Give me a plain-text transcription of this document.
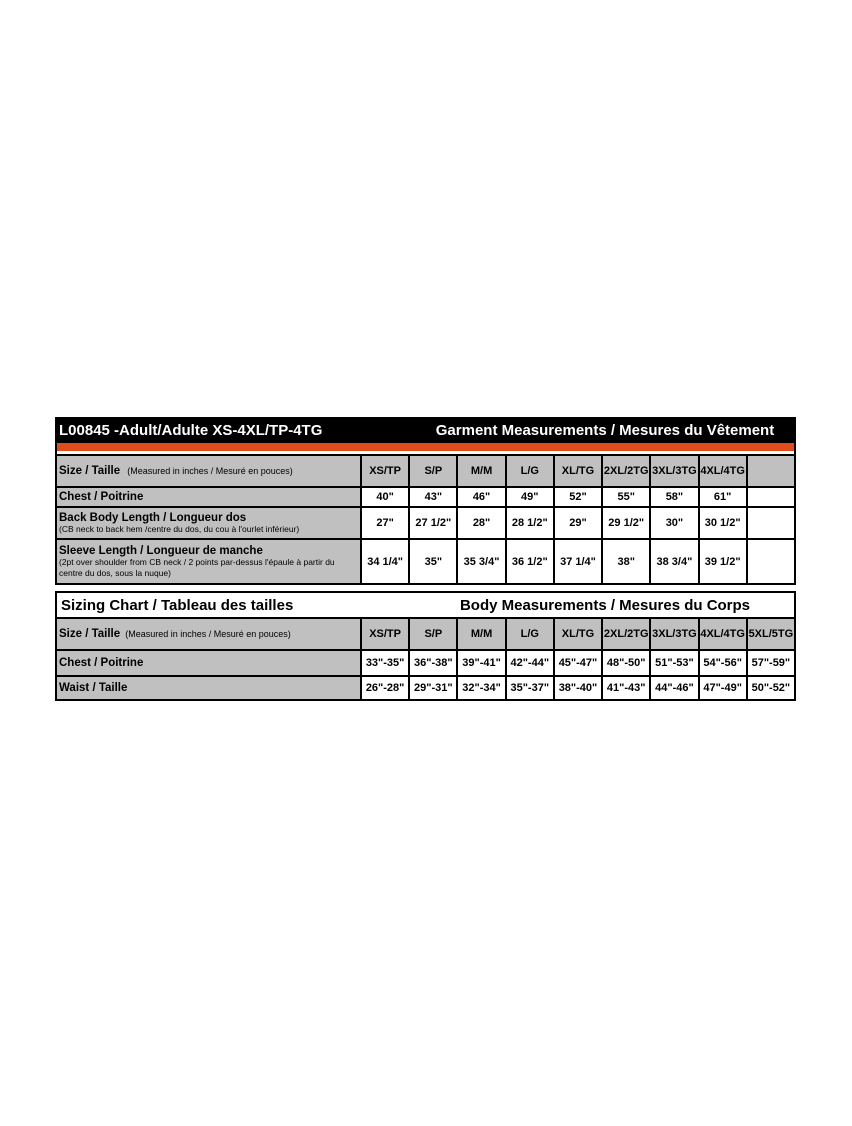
L00845 -Adult/Adulte XS-4XL/TP-4TG	Garment Measurements / Mesures du Vêtement
Size / Taille (Measured in inches / Mesuré en pouces)	XS/TP	S/P	M/M	L/G	XL/TG	2XL/2TG	3XL/3TG	4XL/4TG	
Chest / Poitrine	40"	43"	46"	49"	52"	55"	58"	61"	

Back Body Length / Longueur dos
(CB neck to back hem /centre du dos, du cou à l'ourlet inférieur)	27"	27 1/2"	28"	28 1/2"	29"	29 1/2"	30"	30 1/2"	

Sleeve Length / Longueur de manche
(2pt over shoulder from CB neck / 2 points par-dessus l'épaule à partir du
centre du dos, sous la nuque)	34 1/4"	35"	35 3/4"	36 1/2"	37 1/4"	38"	38 3/4"	39 1/2"	
Sizing Chart / Tableau des tailles	Body Measurements / Mesures du Corps
Size / Taille (Measured in inches / Mesuré en pouces)	XS/TP	S/P	M/M	L/G	XL/TG	2XL/2TG	3XL/3TG	4XL/4TG	5XL/5TG
Chest / Poitrine	33"-35"	36"-38"	39"-41"	42"-44"	45"-47"	48"-50"	51"-53"	54"-56"	57"-59"
Waist / Taille	26"-28"	29"-31"	32"-34"	35"-37"	38"-40"	41"-43"	44"-46"	47"-49"	50"-52"
